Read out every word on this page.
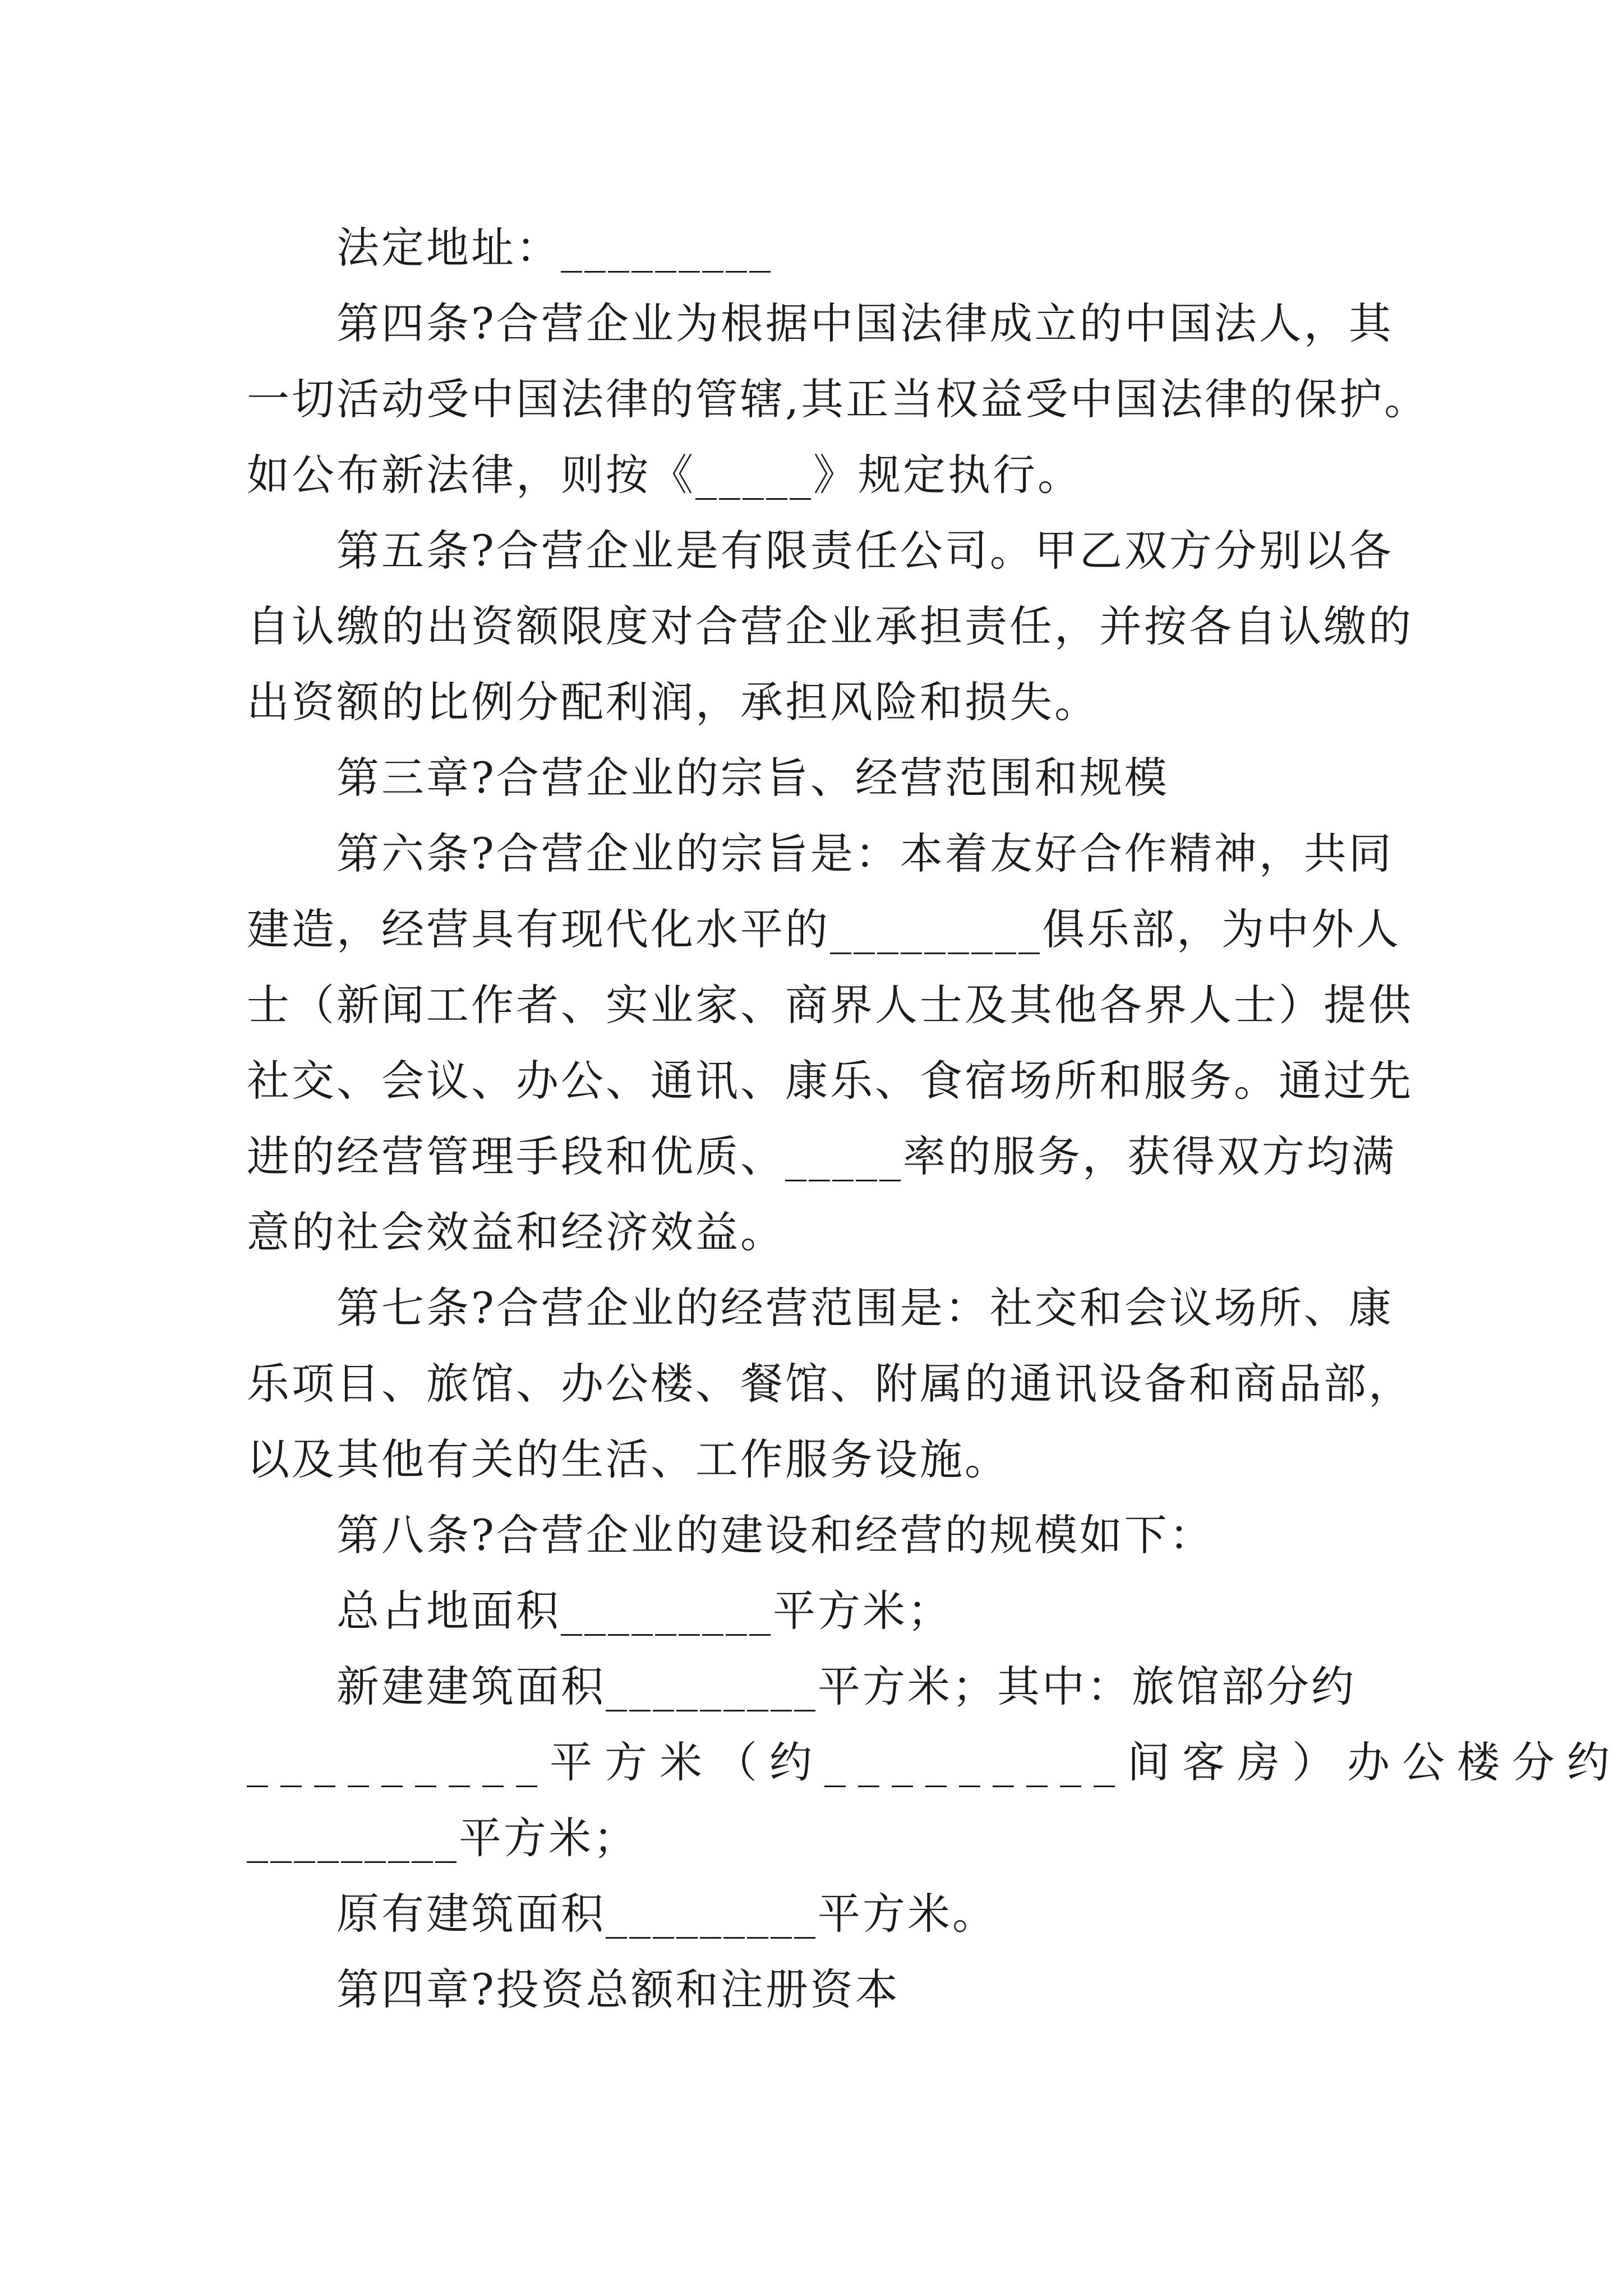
法定地址：_________

第四条?合营企业为根据中国法律成立的中国法人，其

一切活动受中国法律的管辖,其正当权益受中国法律的保护。

如公布新法律，则按《_____》规定执行。

第五条?合营企业是有限责任公司。甲乙双方分别以各

自认缴的出资额限度对合营企业承担责任，并按各自认缴的

出资额的比例分配利润，承担风险和损失。

第三章?合营企业的宗旨、经营范围和规模

第六条?合营企业的宗旨是：本着友好合作精神，共同

建造，经营具有现代化水平的_________俱乐部，为中外人

士（新闻工作者、实业家、商界人士及其他各界人士）提供

社交、会议、办公、通讯、康乐、食宿场所和服务。通过先

进的经营管理手段和优质、_____率的服务，获得双方均满

意的社会效益和经济效益。

第七条?合营企业的经营范围是：社交和会议场所、康

乐项目、旅馆、办公楼、餐馆、附属的通讯设备和商品部，

以及其他有关的生活、工作服务设施。

第八条?合营企业的建设和经营的规模如下：

总占地面积_________平方米；

新建建筑面积_________平方米；其中：旅馆部分约

_________平方米（约_________间客房）办公楼分约

_________平方米；

原有建筑面积_________平方米。

第四章?投资总额和注册资本
